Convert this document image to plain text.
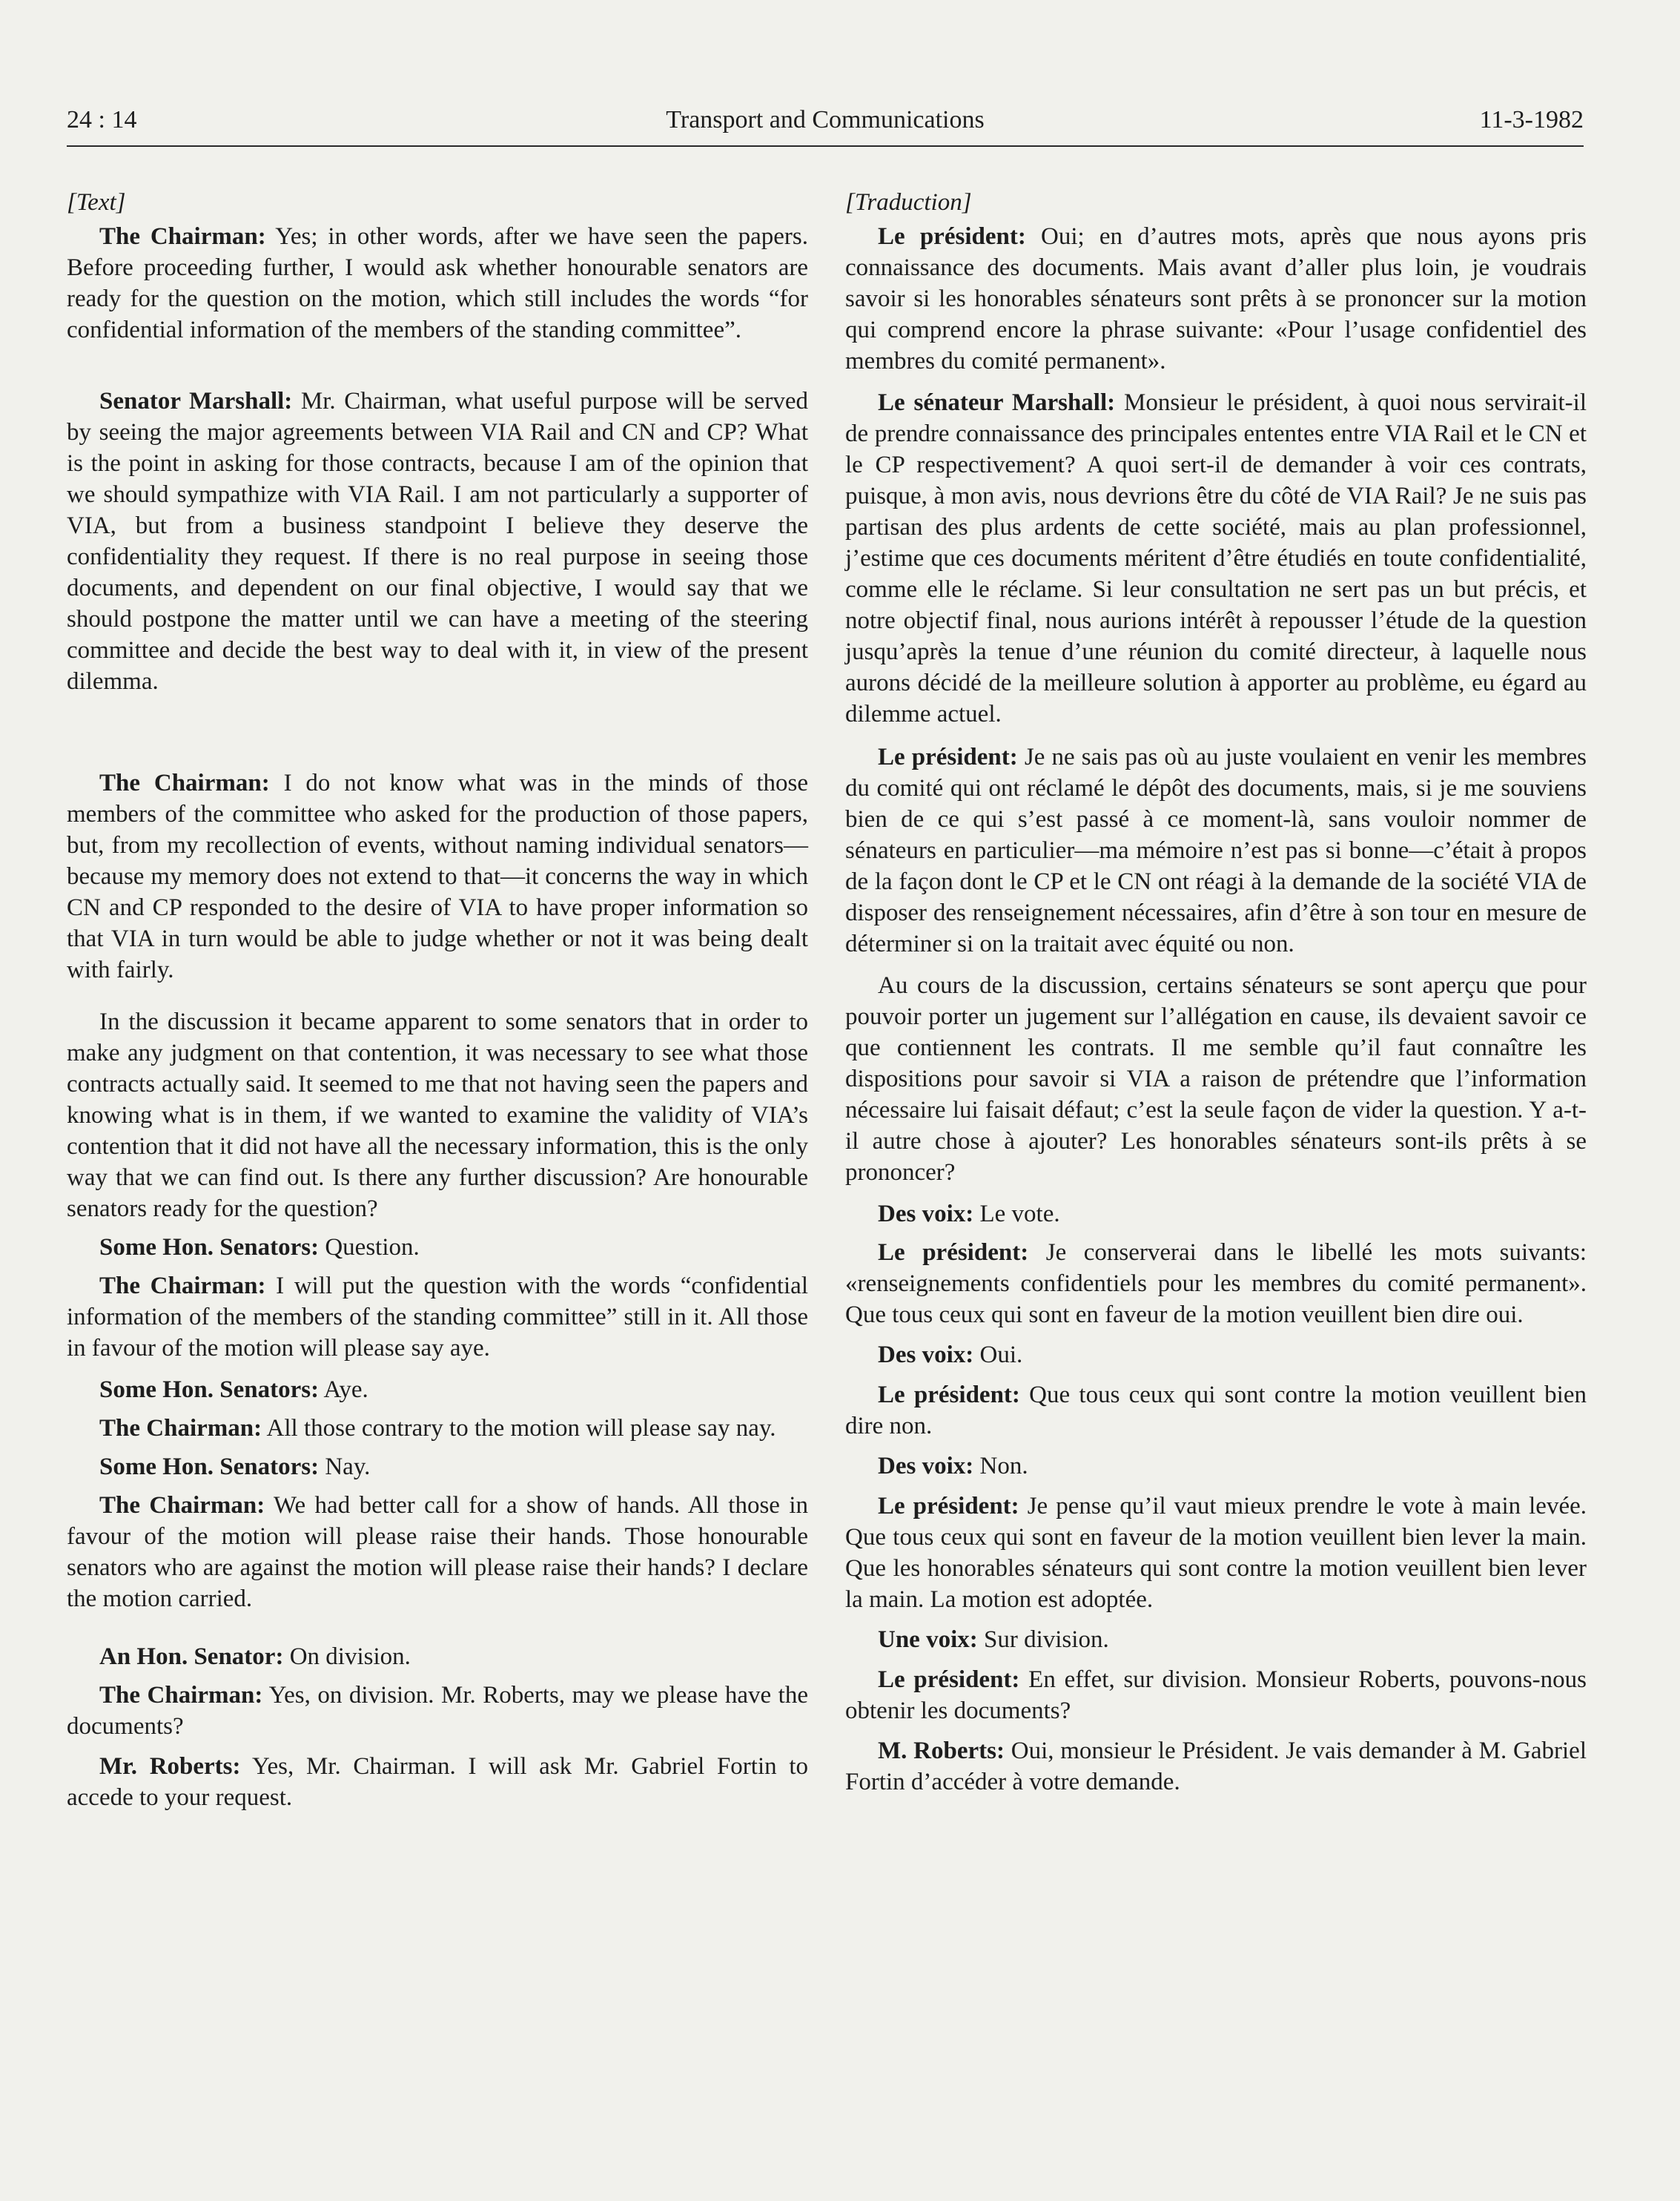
24 : 14	Transport and Communications	11-3-1982
[Text]

The Chairman: Yes; in other words, after we have seen the papers. Before proceeding further, I would ask whether honourable senators are ready for the question on the motion, which still includes the words “for confidential information of the members of the standing committee”.

Senator Marshall: Mr. Chairman, what useful purpose will be served by seeing the major agreements between VIA Rail and CN and CP? What is the point in asking for those contracts, because I am of the opinion that we should sympathize with VIA Rail. I am not particularly a supporter of VIA, but from a business standpoint I believe they deserve the confidentiality they request. If there is no real purpose in seeing those documents, and dependent on our final objective, I would say that we should postpone the matter until we can have a meeting of the steering committee and decide the best way to deal with it, in view of the present dilemma.

The Chairman: I do not know what was in the minds of those members of the committee who asked for the production of those papers, but, from my recollection of events, without naming individual senators—because my memory does not extend to that—it concerns the way in which CN and CP responded to the desire of VIA to have proper information so that VIA in turn would be able to judge whether or not it was being dealt with fairly.

In the discussion it became apparent to some senators that in order to make any judgment on that contention, it was necessary to see what those contracts actually said. It seemed to me that not having seen the papers and knowing what is in them, if we wanted to examine the validity of VIA’s contention that it did not have all the necessary information, this is the only way that we can find out. Is there any further discussion? Are honourable senators ready for the question?

Some Hon. Senators: Question.

The Chairman: I will put the question with the words “confidential information of the members of the standing committee” still in it. All those in favour of the motion will please say aye.

Some Hon. Senators: Aye.

The Chairman: All those contrary to the motion will please say nay.

Some Hon. Senators: Nay.

The Chairman: We had better call for a show of hands. All those in favour of the motion will please raise their hands. Those honourable senators who are against the motion will please raise their hands? I declare the motion carried.

An Hon. Senator: On division.

The Chairman: Yes, on division. Mr. Roberts, may we please have the documents?

Mr. Roberts: Yes, Mr. Chairman. I will ask Mr. Gabriel Fortin to accede to your request.

[Traduction]

Le président: Oui; en d’autres mots, après que nous ayons pris connaissance des documents. Mais avant d’aller plus loin, je voudrais savoir si les honorables sénateurs sont prêts à se prononcer sur la motion qui comprend encore la phrase suivante: «Pour l’usage confidentiel des membres du comité permanent».

Le sénateur Marshall: Monsieur le président, à quoi nous servirait-il de prendre connaissance des principales ententes entre VIA Rail et le CN et le CP respectivement? A quoi sert-il de demander à voir ces contrats, puisque, à mon avis, nous devrions être du côté de VIA Rail? Je ne suis pas partisan des plus ardents de cette société, mais au plan professionnel, j’estime que ces documents méritent d’être étudiés en toute confidentialité, comme elle le réclame. Si leur consultation ne sert pas un but précis, et notre objectif final, nous aurions intérêt à repousser l’étude de la question jusqu’après la tenue d’une réunion du comité directeur, à laquelle nous aurons décidé de la meilleure solution à apporter au problème, eu égard au dilemme actuel.

Le président: Je ne sais pas où au juste voulaient en venir les membres du comité qui ont réclamé le dépôt des documents, mais, si je me souviens bien de ce qui s’est passé à ce moment-là, sans vouloir nommer de sénateurs en particulier—ma mémoire n’est pas si bonne—c’était à propos de la façon dont le CP et le CN ont réagi à la demande de la société VIA de disposer des renseignement nécessaires, afin d’être à son tour en mesure de déterminer si on la traitait avec équité ou non.

Au cours de la discussion, certains sénateurs se sont aperçu que pour pouvoir porter un jugement sur l’allégation en cause, ils devaient savoir ce que contiennent les contrats. Il me semble qu’il faut connaître les dispositions pour savoir si VIA a raison de prétendre que l’information nécessaire lui faisait défaut; c’est la seule façon de vider la question. Y a-t-il autre chose à ajouter? Les honorables sénateurs sont-ils prêts à se prononcer?

Des voix: Le vote.

Le président: Je conserverai dans le libellé les mots suivants: «renseignements confidentiels pour les membres du comité permanent». Que tous ceux qui sont en faveur de la motion veuillent bien dire oui.

Des voix: Oui.

Le président: Que tous ceux qui sont contre la motion veuillent bien dire non.

Des voix: Non.

Le président: Je pense qu’il vaut mieux prendre le vote à main levée. Que tous ceux qui sont en faveur de la motion veuillent bien lever la main. Que les honorables sénateurs qui sont contre la motion veuillent bien lever la main. La motion est adoptée.

Une voix: Sur division.

Le président: En effet, sur division. Monsieur Roberts, pouvons-nous obtenir les documents?

M. Roberts: Oui, monsieur le Président. Je vais demander à M. Gabriel Fortin d’accéder à votre demande.
